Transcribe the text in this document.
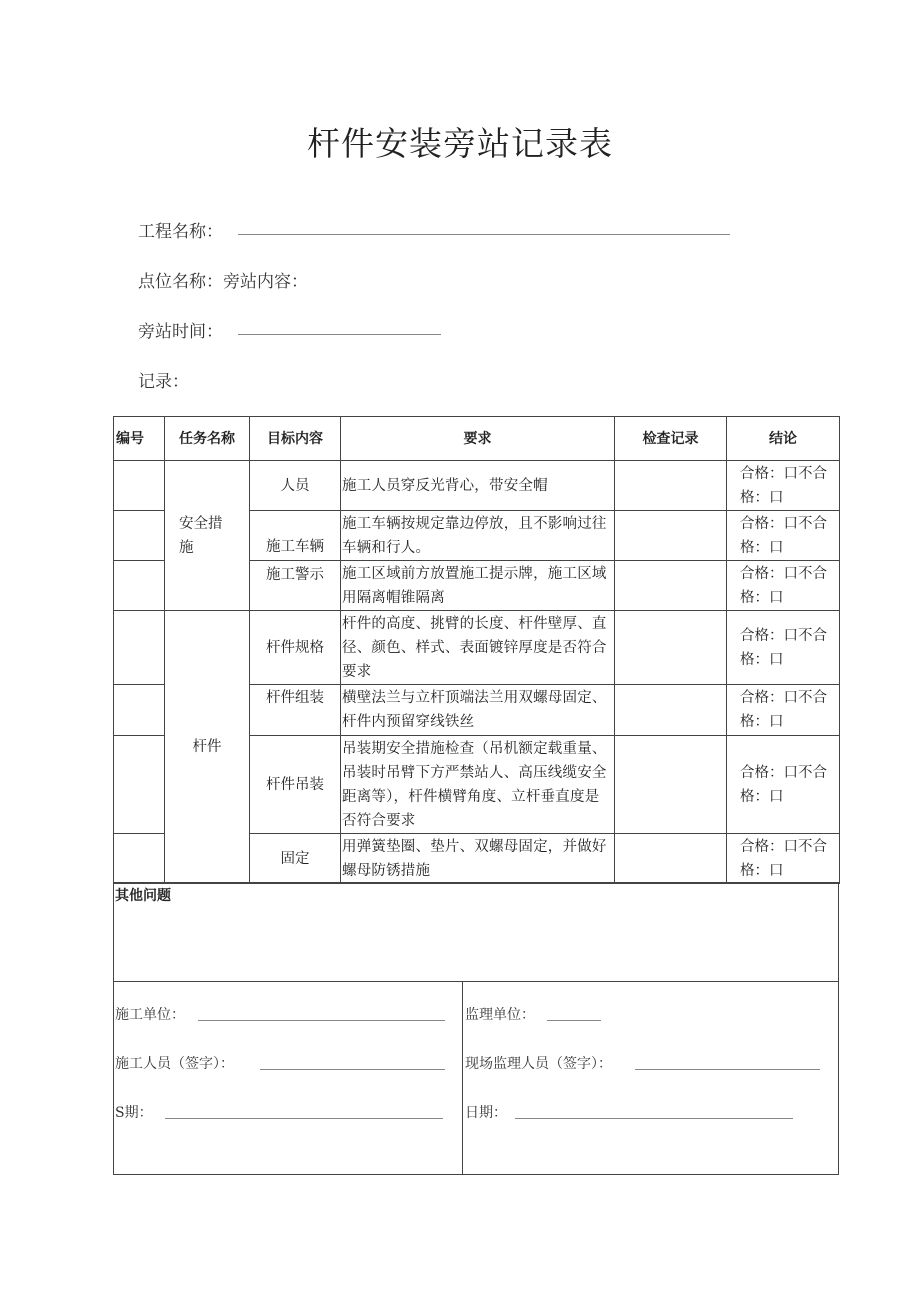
杆件安装旁站记录表
工程名称：
点位名称：旁站内容：
旁站时间：
记录：
编号	任务名称	目标内容	要求	检查记录	结论
	安全措施	人员	施工人员穿反光背心，带安全帽		合格：口不合格：口
		施工车辆	施工车辆按规定靠边停放，且不影响过往车辆和行人。		合格：口不合格：口
		施工警示	施工区域前方放置施工提示牌，施工区域用隔离帽锥隔离		合格：口不合格：口
	杆件	杆件规格	杆件的高度、挑臂的长度、杆件壁厚、直径、颜色、样式、表面镀锌厚度是否符合要求		合格：口不合格：口
		杆件组装	横壁法兰与立杆顶端法兰用双螺母固定、杆件内预留穿线铁丝		合格：口不合格：口
		杆件吊装	吊装期安全措施检查（吊机额定载重量、吊装时吊臂下方严禁站人、高压线缆安全距离等），杆件横臂角度、立杆垂直度是否符合要求		合格：口不合格：口
		固定	用弹簧垫圈、垫片、双螺母固定，并做好螺母防锈措施		合格：口不合格：口
其他问题
施工单位：
施工人员（签字）：
S期：
监理单位：
现场监理人员（签字）：
日期：
